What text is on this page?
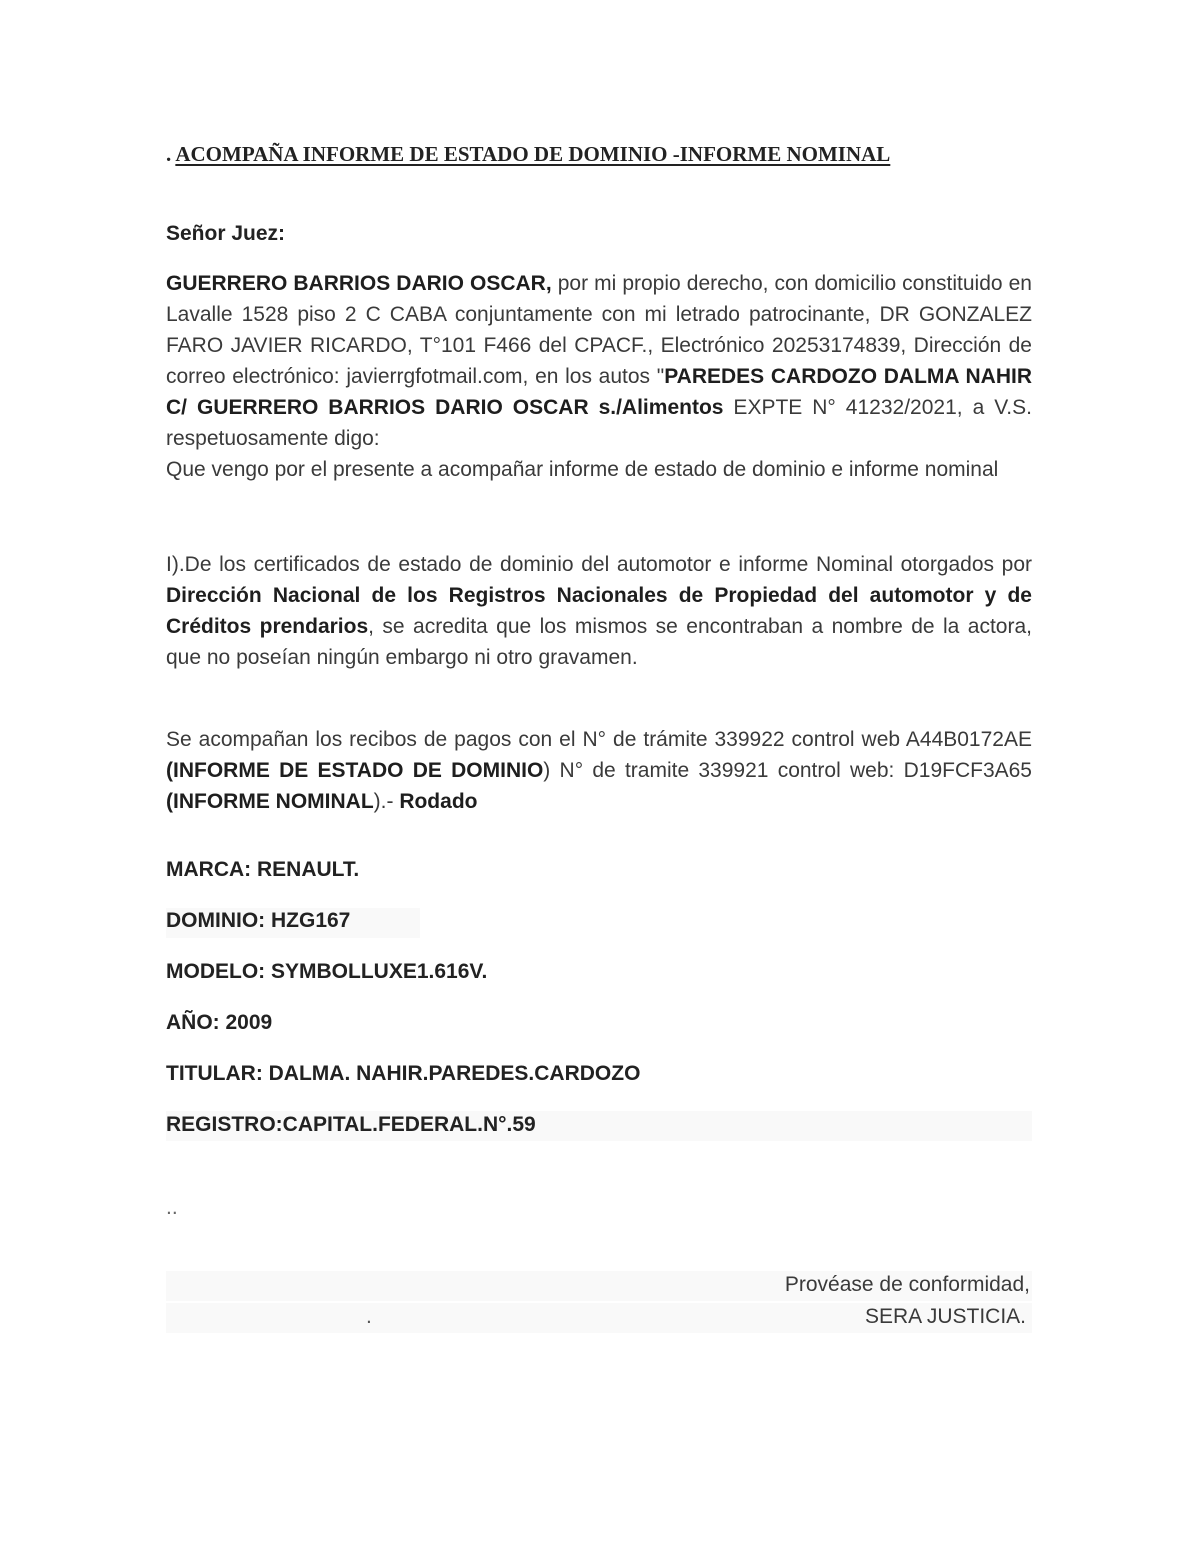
. ACOMPAÑA INFORME DE ESTADO DE DOMINIO -INFORME NOMINAL
Señor Juez:
GUERRERO BARRIOS DARIO OSCAR, por mi propio derecho, con domicilio constituido en Lavalle 1528 piso 2 C CABA conjuntamente con mi letrado patrocinante, DR GONZALEZ FARO JAVIER RICARDO, T°101 F466 del CPACF., Electrónico 20253174839, Dirección de correo electrónico: javierrgfotmail.com, en los autos "PAREDES CARDOZO DALMA NAHIR C/ GUERRERO BARRIOS DARIO OSCAR s./Alimentos EXPTE N° 41232/2021, a V.S. respetuosamente digo:
Que vengo por el presente a acompañar informe de estado de dominio e informe nominal
I).De los certificados de estado de dominio del automotor e informe Nominal otorgados por Dirección Nacional de los Registros Nacionales de Propiedad del automotor y de Créditos prendarios, se acredita que los mismos se encontraban a nombre de la actora, que no poseían ningún embargo ni otro gravamen.
Se acompañan los recibos de pagos con el N° de trámite 339922 control web A44B0172AE (INFORME DE ESTADO DE DOMINIO) N° de tramite 339921 control web: D19FCF3A65 (INFORME NOMINAL).- Rodado
MARCA: RENAULT.
DOMINIO: HZG167
MODELO: SYMBOLLUXE1.616V.
AÑO: 2009
TITULAR: DALMA. NAHIR.PAREDES.CARDOZO
REGISTRO:CAPITAL.FEDERAL.N°.59
..
Provéase de conformidad,
.	SERA JUSTICIA.
